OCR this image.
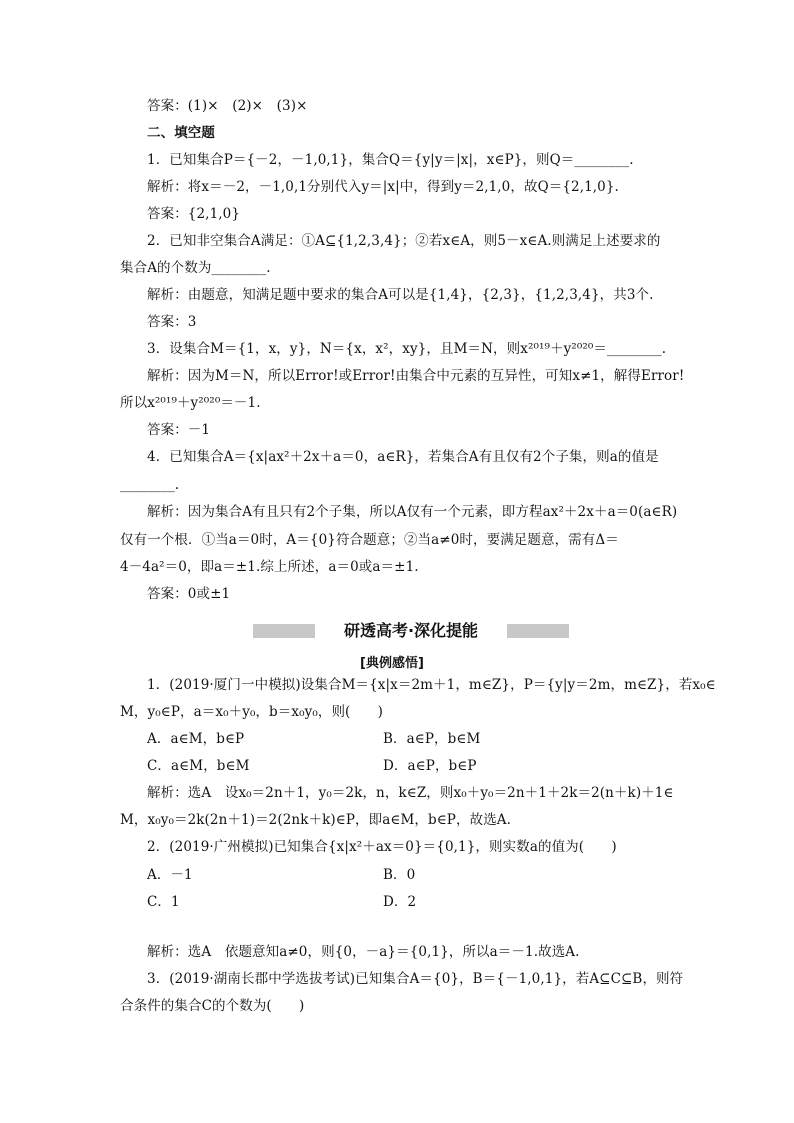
答案：(1)×　(2)×　(3)×
二、填空题
1．已知集合P＝{－2，－1,0,1}，集合Q＝{y|y＝|x|，x∈P}，则Q＝________.
解析：将x＝－2，－1,0,1分别代入y＝|x|中，得到y＝2,1,0，故Q＝{2,1,0}.
答案：{2,1,0}
2．已知非空集合A满足：①A⊆{1,2,3,4}；②若x∈A，则5－x∈A.则满足上述要求的
集合A的个数为________.
解析：由题意，知满足题中要求的集合A可以是{1,4}，{2,3}，{1,2,3,4}，共3个.
答案：3
3．设集合M＝{1，x，y}，N＝{x，x²，xy}，且M＝N，则x²⁰¹⁹＋y²⁰²⁰＝________.
解析：因为M＝N，所以Error!或Error!由集合中元素的互异性，可知x≠1，解得Error!
所以x²⁰¹⁹＋y²⁰²⁰＝－1.
答案：－1
4．已知集合A＝{x|ax²＋2x＋a＝0，a∈R}，若集合A有且仅有2个子集，则a的值是
________.
解析：因为集合A有且只有2个子集，所以A仅有一个元素，即方程ax²＋2x＋a＝0(a∈R)
仅有一个根．①当a＝0时，A＝{0}符合题意；②当a≠0时，要满足题意，需有Δ＝
4－4a²＝0，即a＝±1.综上所述，a＝0或a＝±1.
答案：0或±1
研透高考·深化提能
[典例感悟]
1．(2019·厦门一中模拟)设集合M＝{x|x＝2m＋1，m∈Z}，P＝{y|y＝2m，m∈Z}，若x₀∈
M，y₀∈P，a＝x₀＋y₀，b＝x₀y₀，则(　　)
A．a∈M，b∈P	B．a∈P，b∈M
C．a∈M，b∈M	D．a∈P，b∈P
解析：选A　设x₀＝2n＋1，y₀＝2k，n，k∈Z，则x₀＋y₀＝2n＋1＋2k＝2(n＋k)＋1∈
M，x₀y₀＝2k(2n＋1)＝2(2nk＋k)∈P，即a∈M，b∈P，故选A.
2．(2019·广州模拟)已知集合{x|x²＋ax＝0}＝{0,1}，则实数a的值为(　　)
A．－1	B．0
C．1	D．2
解析：选A　依题意知a≠0，则{0，－a}＝{0,1}，所以a＝－1.故选A.
3．(2019·湖南长郡中学选拔考试)已知集合A＝{0}，B＝{－1,0,1}，若A⊆C⊆B，则符
合条件的集合C的个数为(　　)
